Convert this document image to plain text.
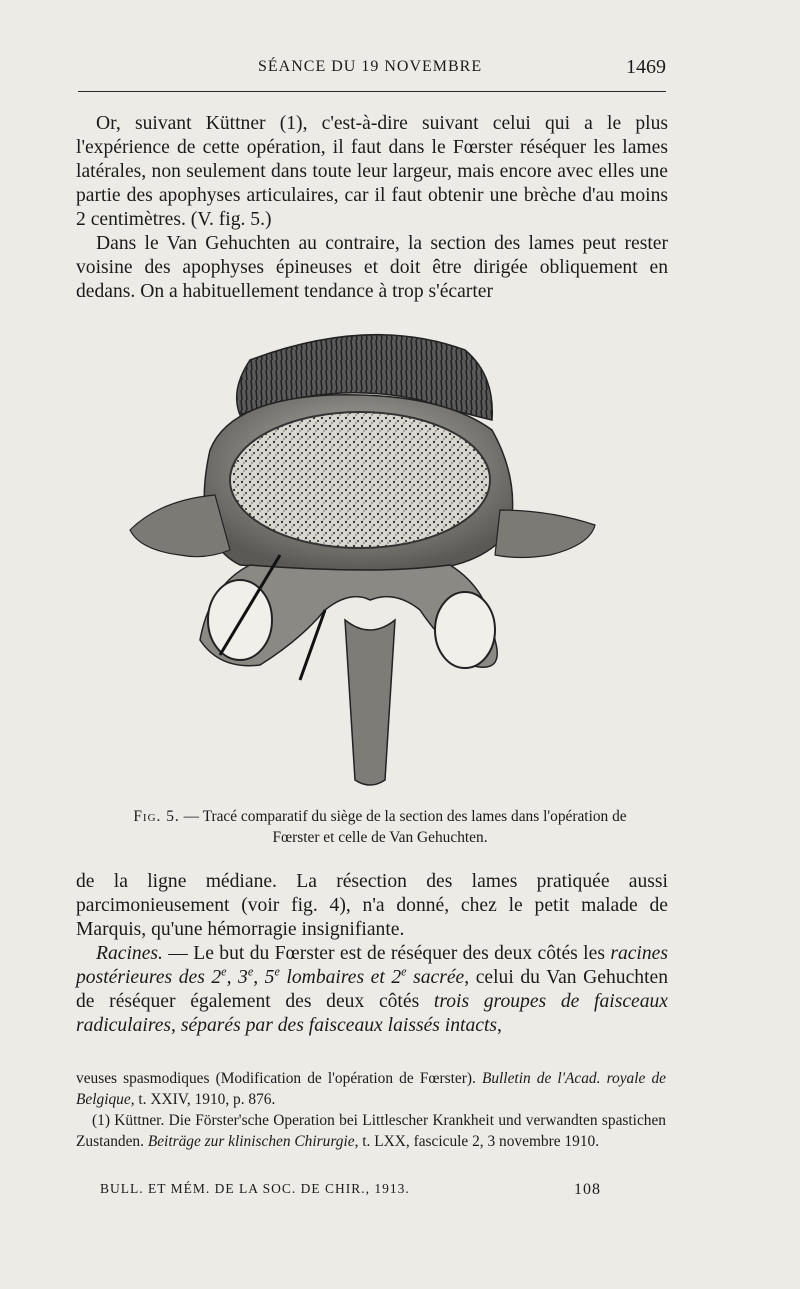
SÉANCE DU 19 NOVEMBRE	1469

Or, suivant Küttner (1), c'est-à-dire suivant celui qui a le plus l'expérience de cette opération, il faut dans le Fœrster réséquer les lames latérales, non seulement dans toute leur largeur, mais encore avec elles une partie des apophyses articulaires, car il faut obtenir une brèche d'au moins 2 centimètres. (V. fig. 5.)

Dans le Van Gehuchten au contraire, la section des lames peut rester voisine des apophyses épineuses et doit être dirigée obliquement en dedans. On a habituellement tendance à trop s'écarter

Fig. 5. — Tracé comparatif du siège de la section des lames dans l'opération de Fœrster et celle de Van Gehuchten.

de la ligne médiane. La résection des lames pratiquée aussi parcimonieusement (voir fig. 4), n'a donné, chez le petit malade de Marquis, qu'une hémorragie insignifiante.

Racines. — Le but du Fœrster est de réséquer des deux côtés les racines postérieures des 2e, 3e, 5e lombaires et 2e sacrée, celui du Van Gehuchten de réséquer également des deux côtés trois groupes de faisceaux radiculaires, séparés par des faisceaux laissés intacts,

veuses spasmodiques (Modification de l'opération de Fœrster). Bulletin de l'Acad. royale de Belgique, t. XXIV, 1910, p. 876.

(1) Küttner. Die Förster'sche Operation bei Littlescher Krankheit und verwandten spastichen Zustanden. Beiträge zur klinischen Chirurgie, t. LXX, fascicule 2, 3 novembre 1910.

BULL. ET MÉM. DE LA SOC. DE CHIR., 1913.	108
